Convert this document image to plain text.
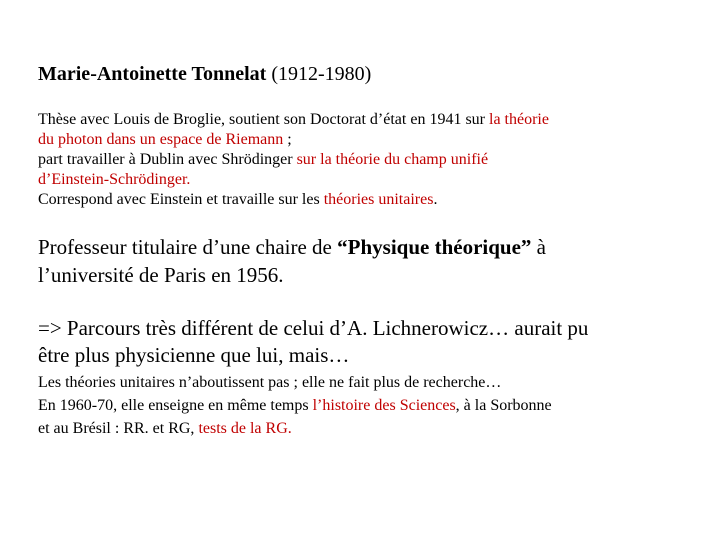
Marie-Antoinette Tonnelat (1912-1980)

Thèse avec Louis de Broglie, soutient son Doctorat d’état en 1941 sur la théorie
du photon dans un espace de Riemann ;
part travailler à Dublin avec Shrödinger sur la théorie du champ unifié
d’Einstein-Schrödinger.
Correspond avec Einstein et travaille sur les théories unitaires.
Professeur titulaire d’une chaire de “Physique théorique” à
l’université de Paris en 1956.
=> Parcours très différent de celui d’A. Lichnerowicz… aurait pu
être plus physicienne que lui, mais…
Les théories unitaires n’aboutissent pas ; elle ne fait plus de recherche…
En 1960-70, elle enseigne en même temps l’histoire des Sciences, à la Sorbonne
et au Brésil : RR. et RG, tests de la RG.
